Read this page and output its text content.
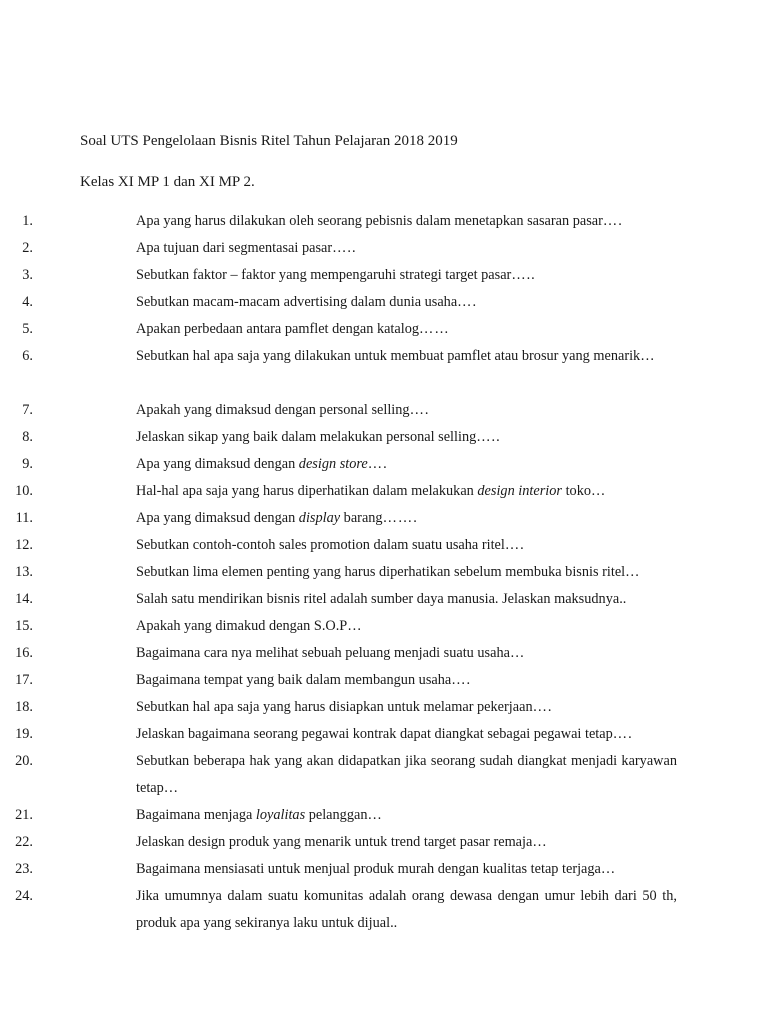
Soal UTS Pengelolaan Bisnis Ritel Tahun Pelajaran 2018 2019

Kelas XI MP 1 dan XI MP 2.

1.	Apa yang harus dilakukan oleh seorang pebisnis dalam menetapkan sasaran pasar….
2.	Apa tujuan dari segmentasai pasar…..
3.	Sebutkan faktor – faktor yang mempengaruhi strategi target pasar…..
4.	Sebutkan macam-macam advertising dalam dunia usaha….
5.	Apakan perbedaan antara pamflet dengan katalog……
6.	Sebutkan hal apa saja yang dilakukan untuk membuat pamflet atau brosur yang menarik…
7.	Apakah yang dimaksud dengan personal selling….
8.	Jelaskan sikap yang baik dalam melakukan personal selling…..
9.	Apa yang dimaksud dengan design store….
10.	Hal-hal apa saja yang harus diperhatikan dalam melakukan design interior toko…
11.	Apa yang dimaksud dengan display barang…….
12.	Sebutkan contoh-contoh sales promotion dalam suatu usaha ritel….
13.	Sebutkan lima elemen penting yang harus diperhatikan sebelum membuka bisnis ritel…
14.	Salah satu mendirikan bisnis ritel adalah sumber daya manusia. Jelaskan maksudnya..
15.	Apakah yang dimakud dengan S.O.P…
16.	Bagaimana cara nya melihat sebuah peluang menjadi suatu usaha…
17.	Bagaimana tempat yang baik dalam membangun usaha….
18.	Sebutkan hal apa saja yang harus disiapkan untuk melamar pekerjaan….
19.	Jelaskan bagaimana seorang pegawai kontrak dapat diangkat sebagai pegawai tetap….
20.	Sebutkan beberapa hak yang akan didapatkan jika seorang sudah diangkat menjadi karyawan tetap…
21.	Bagaimana menjaga loyalitas pelanggan…
22.	Jelaskan design produk yang menarik untuk trend target pasar remaja…
23.	Bagaimana mensiasati untuk menjual produk murah dengan kualitas tetap terjaga…
24.	Jika umumnya dalam suatu komunitas adalah orang dewasa dengan umur lebih dari 50 th, produk apa yang sekiranya laku untuk dijual..
